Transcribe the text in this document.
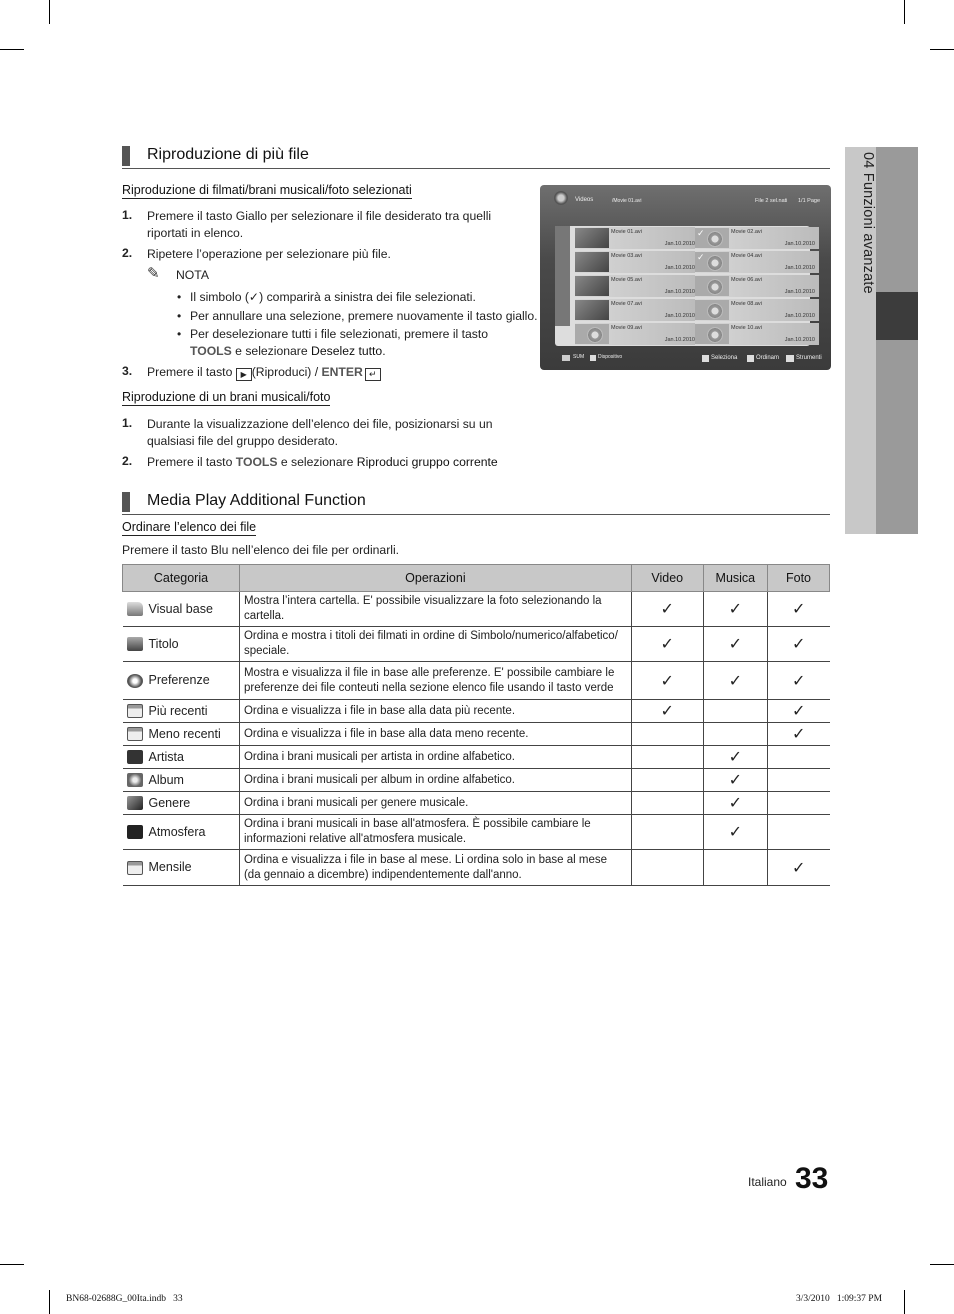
04 Funzioni avanzate
Riproduzione di più file
Riproduzione di filmati/brani musicali/foto selezionati
1. Premere il tasto Giallo per selezionare il file desiderato tra quelli riportati in elenco.
2. Ripetere l’operazione per selezionare più file.
✎ NOTA
• Il simbolo (✓) comparirà a sinistra dei file selezionati.
• Per annullare una selezione, premere nuovamente il tasto giallo.
• Per deselezionare tutti i file selezionati, premere il tasto
TOOLS e selezionare Deselez tutto.
3. Premere il tasto ▶ (Riproduci) / ENTER ↵
Riproduzione di un brani musicali/foto
1. Durante la visualizzazione dell’elenco dei file, posizionarsi su un qualsiasi file del gruppo desiderato.
2. Premere il tasto TOOLS e selezionare Riproduci gruppo corrente
Videos	/Movie 01.avi	File 2 sel.nati 1/1 Page
Movie 01.avi
Jan.10.2010
✓	Movie 02.avi
Jan.10.2010
Movie 03.avi
Jan.10.2010
✓	Movie 04.avi
Jan.10.2010
Movie 05.avi
Jan.10.2010
Movie 06.avi
Jan.10.2010
Movie 07.avi
Jan.10.2010
Movie 08.avi
Jan.10.2010
Movie 09.avi
Jan.10.2010
Movie 10.avi
Jan.10.2010
SUM	Dispositivo	Seleziona	Ordinam	Strumenti
Media Play Additional Function
Ordinare l’elenco dei file
Premere il tasto Blu nell’elenco dei file per ordinarli.
Categoria	Operazioni	Video	Musica	Foto
Visual base	Mostra l’intera cartella. E' possibile visualizzare la foto selezionando la cartella.	✓	✓	✓
Titolo	Ordina e mostra i titoli dei filmati in ordine di Simbolo/numerico/alfabetico/ speciale.	✓	✓	✓
Preferenze	Mostra e visualizza il file in base alle preferenze. E' possibile cambiare le preferenze dei file conteuti nella sezione elenco file usando il tasto verde	✓	✓	✓
Più recenti	Ordina e visualizza i file in base alla data più recente.	✓		✓
Meno recenti	Ordina e visualizza i file in base alla data meno recente.			✓
Artista	Ordina i brani musicali per artista in ordine alfabetico.		✓	
Album	Ordina i brani musicali per album in ordine alfabetico.		✓	
Genere	Ordina i brani musicali per genere musicale.		✓	
Atmosfera	Ordina i brani musicali in base all'atmosfera. È possibile cambiare le informazioni relative all'atmosfera musicale.		✓	
Mensile	Ordina e visualizza i file in base al mese. Li ordina solo in base al mese (da gennaio a dicembre) indipendentemente dall'anno.			✓
Italiano 33
BN68-02688G_00Ita.indb   33	3/3/2010   1:09:37 PM
